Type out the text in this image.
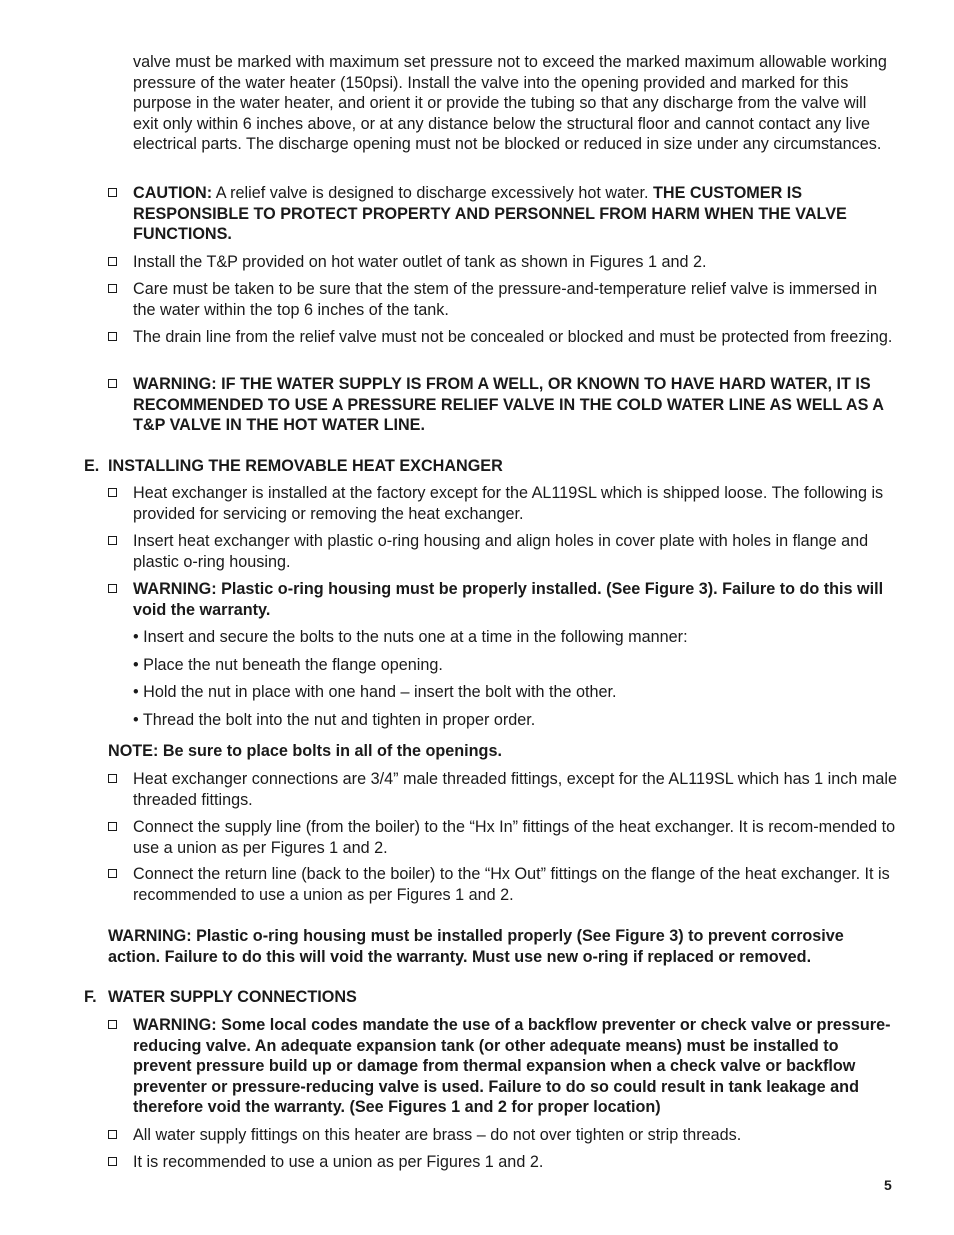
valve must be marked with maximum set pressure not to exceed the marked maximum allowable working pressure of the water heater (150psi). Install the valve into the opening provided and marked for this purpose in the water heater, and orient it or provide the tubing so that any discharge from the valve will exit only within 6 inches above, or at any distance below the structural floor and cannot contact any live electrical parts. The discharge opening must not be blocked or reduced in size under any circumstances.
CAUTION: A relief valve is designed to discharge excessively hot water. THE CUSTOMER IS RESPONSIBLE TO PROTECT PROPERTY AND PERSONNEL FROM HARM WHEN THE VALVE FUNCTIONS.
Install the T&P provided on hot water outlet of tank as shown in Figures 1 and 2.
Care must be taken to be sure that the stem of the pressure-and-temperature relief valve is immersed in the water within the top 6 inches of the tank.
The drain line from the relief valve must not be concealed or blocked and must be protected from freezing.
WARNING: IF THE WATER SUPPLY IS FROM A WELL, OR KNOWN TO HAVE HARD WATER, IT IS RECOMMENDED TO USE A PRESSURE RELIEF VALVE IN THE COLD WATER LINE AS WELL AS A T&P VALVE IN THE HOT WATER LINE.
E. INSTALLING THE REMOVABLE HEAT EXCHANGER
Heat exchanger is installed at the factory except for the AL119SL which is shipped loose. The following is provided for servicing or removing the heat exchanger.
Insert heat exchanger with plastic o-ring housing and align holes in cover plate with holes in flange and plastic o-ring housing.
WARNING: Plastic o-ring housing must be properly installed. (See Figure 3). Failure to do this will void the warranty.
• Insert and secure the bolts to the nuts one at a time in the following manner:
• Place the nut beneath the flange opening.
• Hold the nut in place with one hand – insert the bolt with the other.
• Thread the bolt into the nut and tighten in proper order.
NOTE: Be sure to place bolts in all of the openings.
Heat exchanger connections are 3/4” male threaded fittings, except for the AL119SL which has 1 inch male threaded fittings.
Connect the supply line (from the boiler) to the “Hx In” fittings of the heat exchanger. It is recom-mended to use a union as per Figures 1 and 2.
Connect the return line (back to the boiler) to the “Hx Out” fittings on the flange of the heat exchanger. It is recommended to use a union as per Figures 1 and 2.
WARNING: Plastic o-ring housing must be installed properly (See Figure 3) to prevent corrosive action. Failure to do this will void the warranty. Must use new o-ring if replaced or removed.
F. WATER SUPPLY CONNECTIONS
WARNING: Some local codes mandate the use of a backflow preventer or check valve or pressure-reducing valve. An adequate expansion tank (or other adequate means) must be installed to prevent pressure build up or damage from thermal expansion when a check valve or backflow preventer or pressure-reducing valve is used. Failure to do so could result in tank leakage and therefore void the warranty. (See Figures 1 and 2 for proper location)
All water supply fittings on this heater are brass – do not over tighten or strip threads.
It is recommended to use a union as per Figures 1 and 2.
5
